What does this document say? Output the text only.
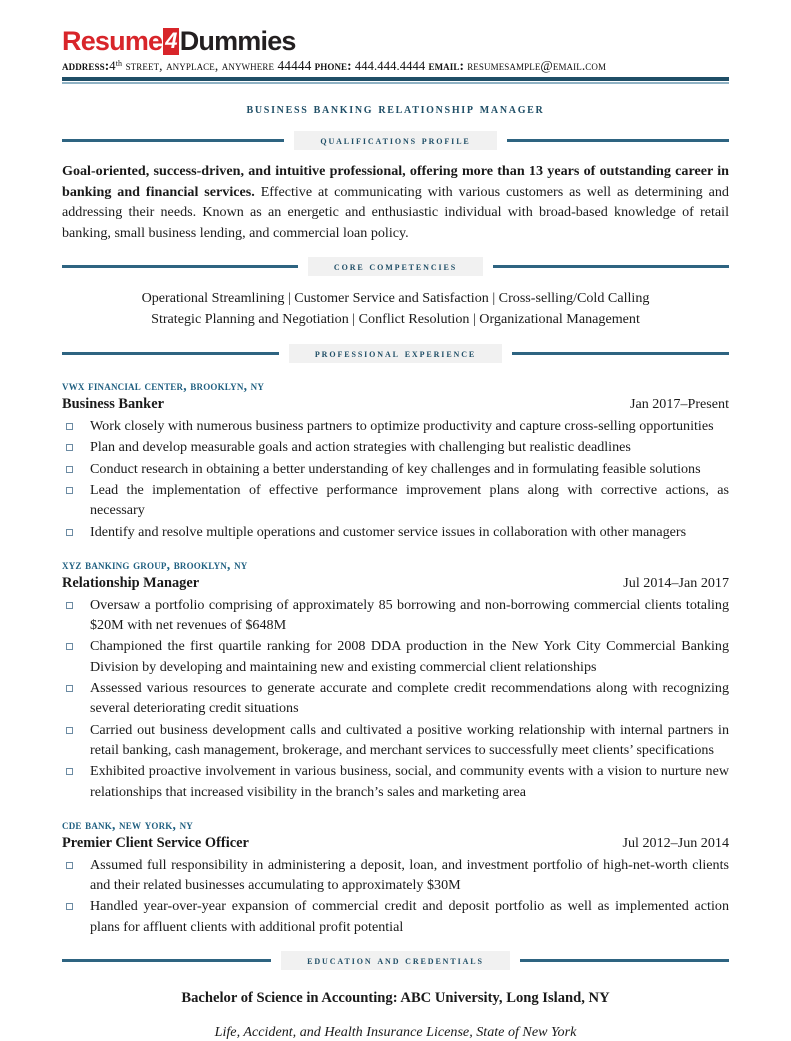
Resume 4 Dummies
address:4th street, anyplace, anywhere 44444 phone: 444.444.4444 email: resumesample@email.com
business banking relationship manager
qualifications profile

Goal-oriented, success-driven, and intuitive professional, offering more than 13 years of outstanding career in banking and financial services. Effective at communicating with various customers as well as determining and addressing their needs. Known as an energetic and enthusiastic individual with broad-based knowledge of retail banking, small business lending, and commercial loan policy.

core competencies
Operational Streamlining | Customer Service and Satisfaction | Cross-selling/Cold Calling
Strategic Planning and Negotiation | Conflict Resolution | Organizational Management
professional experience
vwx financial center, brooklyn, ny
Business Banker	Jan 2017–Present
Work closely with numerous business partners to optimize productivity and capture cross-selling opportunities
Plan and develop measurable goals and action strategies with challenging but realistic deadlines
Conduct research in obtaining a better understanding of key challenges and in formulating feasible solutions
Lead the implementation of effective performance improvement plans along with corrective actions, as necessary
Identify and resolve multiple operations and customer service issues in collaboration with other managers
xyz banking group, brooklyn, ny
Relationship Manager	Jul 2014–Jan 2017
Oversaw a portfolio comprising of approximately 85 borrowing and non-borrowing commercial clients totaling $20M with net revenues of $648M
Championed the first quartile ranking for 2008 DDA production in the New York City Commercial Banking Division by developing and maintaining new and existing commercial client relationships
Assessed various resources to generate accurate and complete credit recommendations along with recognizing several deteriorating credit situations
Carried out business development calls and cultivated a positive working relationship with internal partners in retail banking, cash management, brokerage, and merchant services to successfully meet clients’ specifications
Exhibited proactive involvement in various business, social, and community events with a vision to nurture new relationships that increased visibility in the branch’s sales and marketing area
cde bank, new york, ny
Premier Client Service Officer	Jul 2012–Jun 2014
Assumed full responsibility in administering a deposit, loan, and investment portfolio of high-net-worth clients and their related businesses accumulating to approximately $30M
Handled year-over-year expansion of commercial credit and deposit portfolio as well as implemented action plans for affluent clients with additional profit potential
education and credentials
Bachelor of Science in Accounting: ABC University, Long Island, NY
Life, Accident, and Health Insurance License, State of New York
